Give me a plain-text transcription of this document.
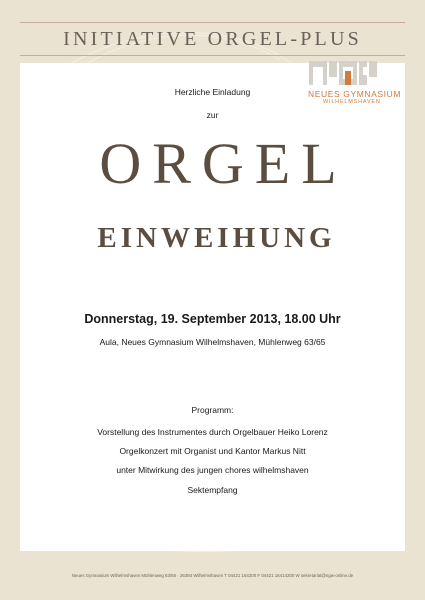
INITIATIVE ORGEL-PLUS
NEUES GYMNASIUM
WILHELMSHAVEN
Herzliche Einladung
zur
ORGEL
EINWEIHUNG
Donnerstag, 19. September 2013, 18.00 Uhr
Aula, Neues Gymnasium Wilhelmshaven, Mühlenweg 63/65
Programm:
Vorstellung des Instrumentes durch Orgelbauer Heiko Lorenz
Orgelkonzert mit Organist und Kantor Markus Nitt
unter Mitwirkung des jungen chores wilhelmshaven
Sektempfang
Neues Gymnasium Wilhelmshaven Mühlenweg 63/65 · 26384 Wilhelmshaven T 04421 164200 F 04421 16414200 W sekretariat@ngw-online.de
